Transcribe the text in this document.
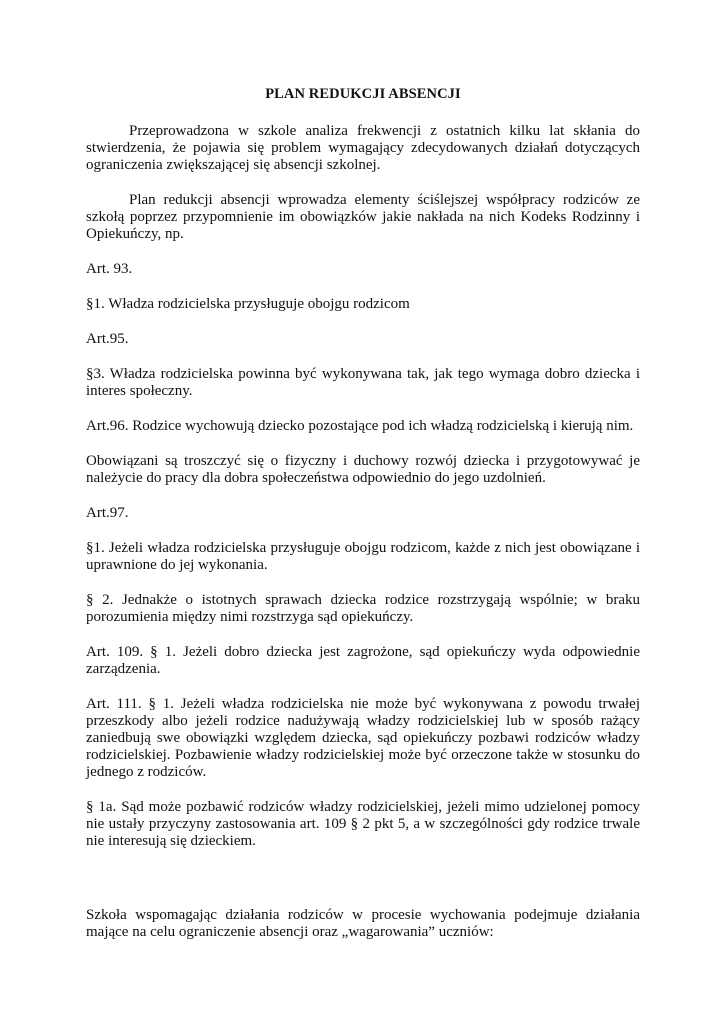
PLAN REDUKCJI ABSENCJI

Przeprowadzona w szkole analiza frekwencji z ostatnich kilku lat skłania do stwierdzenia, że pojawia się problem wymagający zdecydowanych działań dotyczących ograniczenia zwiększającej się absencji szkolnej.

Plan redukcji absencji wprowadza elementy ściślejszej współpracy rodziców ze szkołą poprzez przypomnienie im obowiązków jakie nakłada na nich Kodeks Rodzinny i Opiekuńczy, np.

Art. 93.

§1. Władza rodzicielska przysługuje obojgu rodzicom

Art.95.

§3. Władza rodzicielska powinna być wykonywana tak, jak tego wymaga dobro dziecka i interes społeczny.

Art.96. Rodzice wychowują dziecko pozostające pod ich władzą rodzicielską i kierują nim.

Obowiązani są troszczyć się o fizyczny i duchowy rozwój dziecka i przygotowywać je należycie do pracy dla dobra społeczeństwa odpowiednio do jego uzdolnień.

Art.97.

§1. Jeżeli władza rodzicielska przysługuje obojgu rodzicom, każde z nich jest obowiązane i uprawnione do jej wykonania.

§ 2. Jednakże o istotnych sprawach dziecka rodzice rozstrzygają wspólnie; w braku porozumienia między nimi rozstrzyga sąd opiekuńczy.

Art. 109. § 1. Jeżeli dobro dziecka jest zagrożone, sąd opiekuńczy wyda odpowiednie zarządzenia.

Art. 111. § 1. Jeżeli władza rodzicielska nie może być wykonywana z powodu trwałej przeszkody albo jeżeli rodzice nadużywają władzy rodzicielskiej lub w sposób rażący zaniedbują swe obowiązki względem dziecka, sąd opiekuńczy pozbawi rodziców władzy rodzicielskiej. Pozbawienie władzy rodzicielskiej może być orzeczone także w stosunku do jednego z rodziców.

§ 1a. Sąd może pozbawić rodziców władzy rodzicielskiej, jeżeli mimo udzielonej pomocy nie ustały przyczyny zastosowania art. 109 § 2 pkt 5, a w szczególności gdy rodzice trwale nie interesują się dzieckiem.

Szkoła wspomagając działania rodziców w procesie wychowania podejmuje działania mające na celu ograniczenie absencji oraz „wagarowania” uczniów:
